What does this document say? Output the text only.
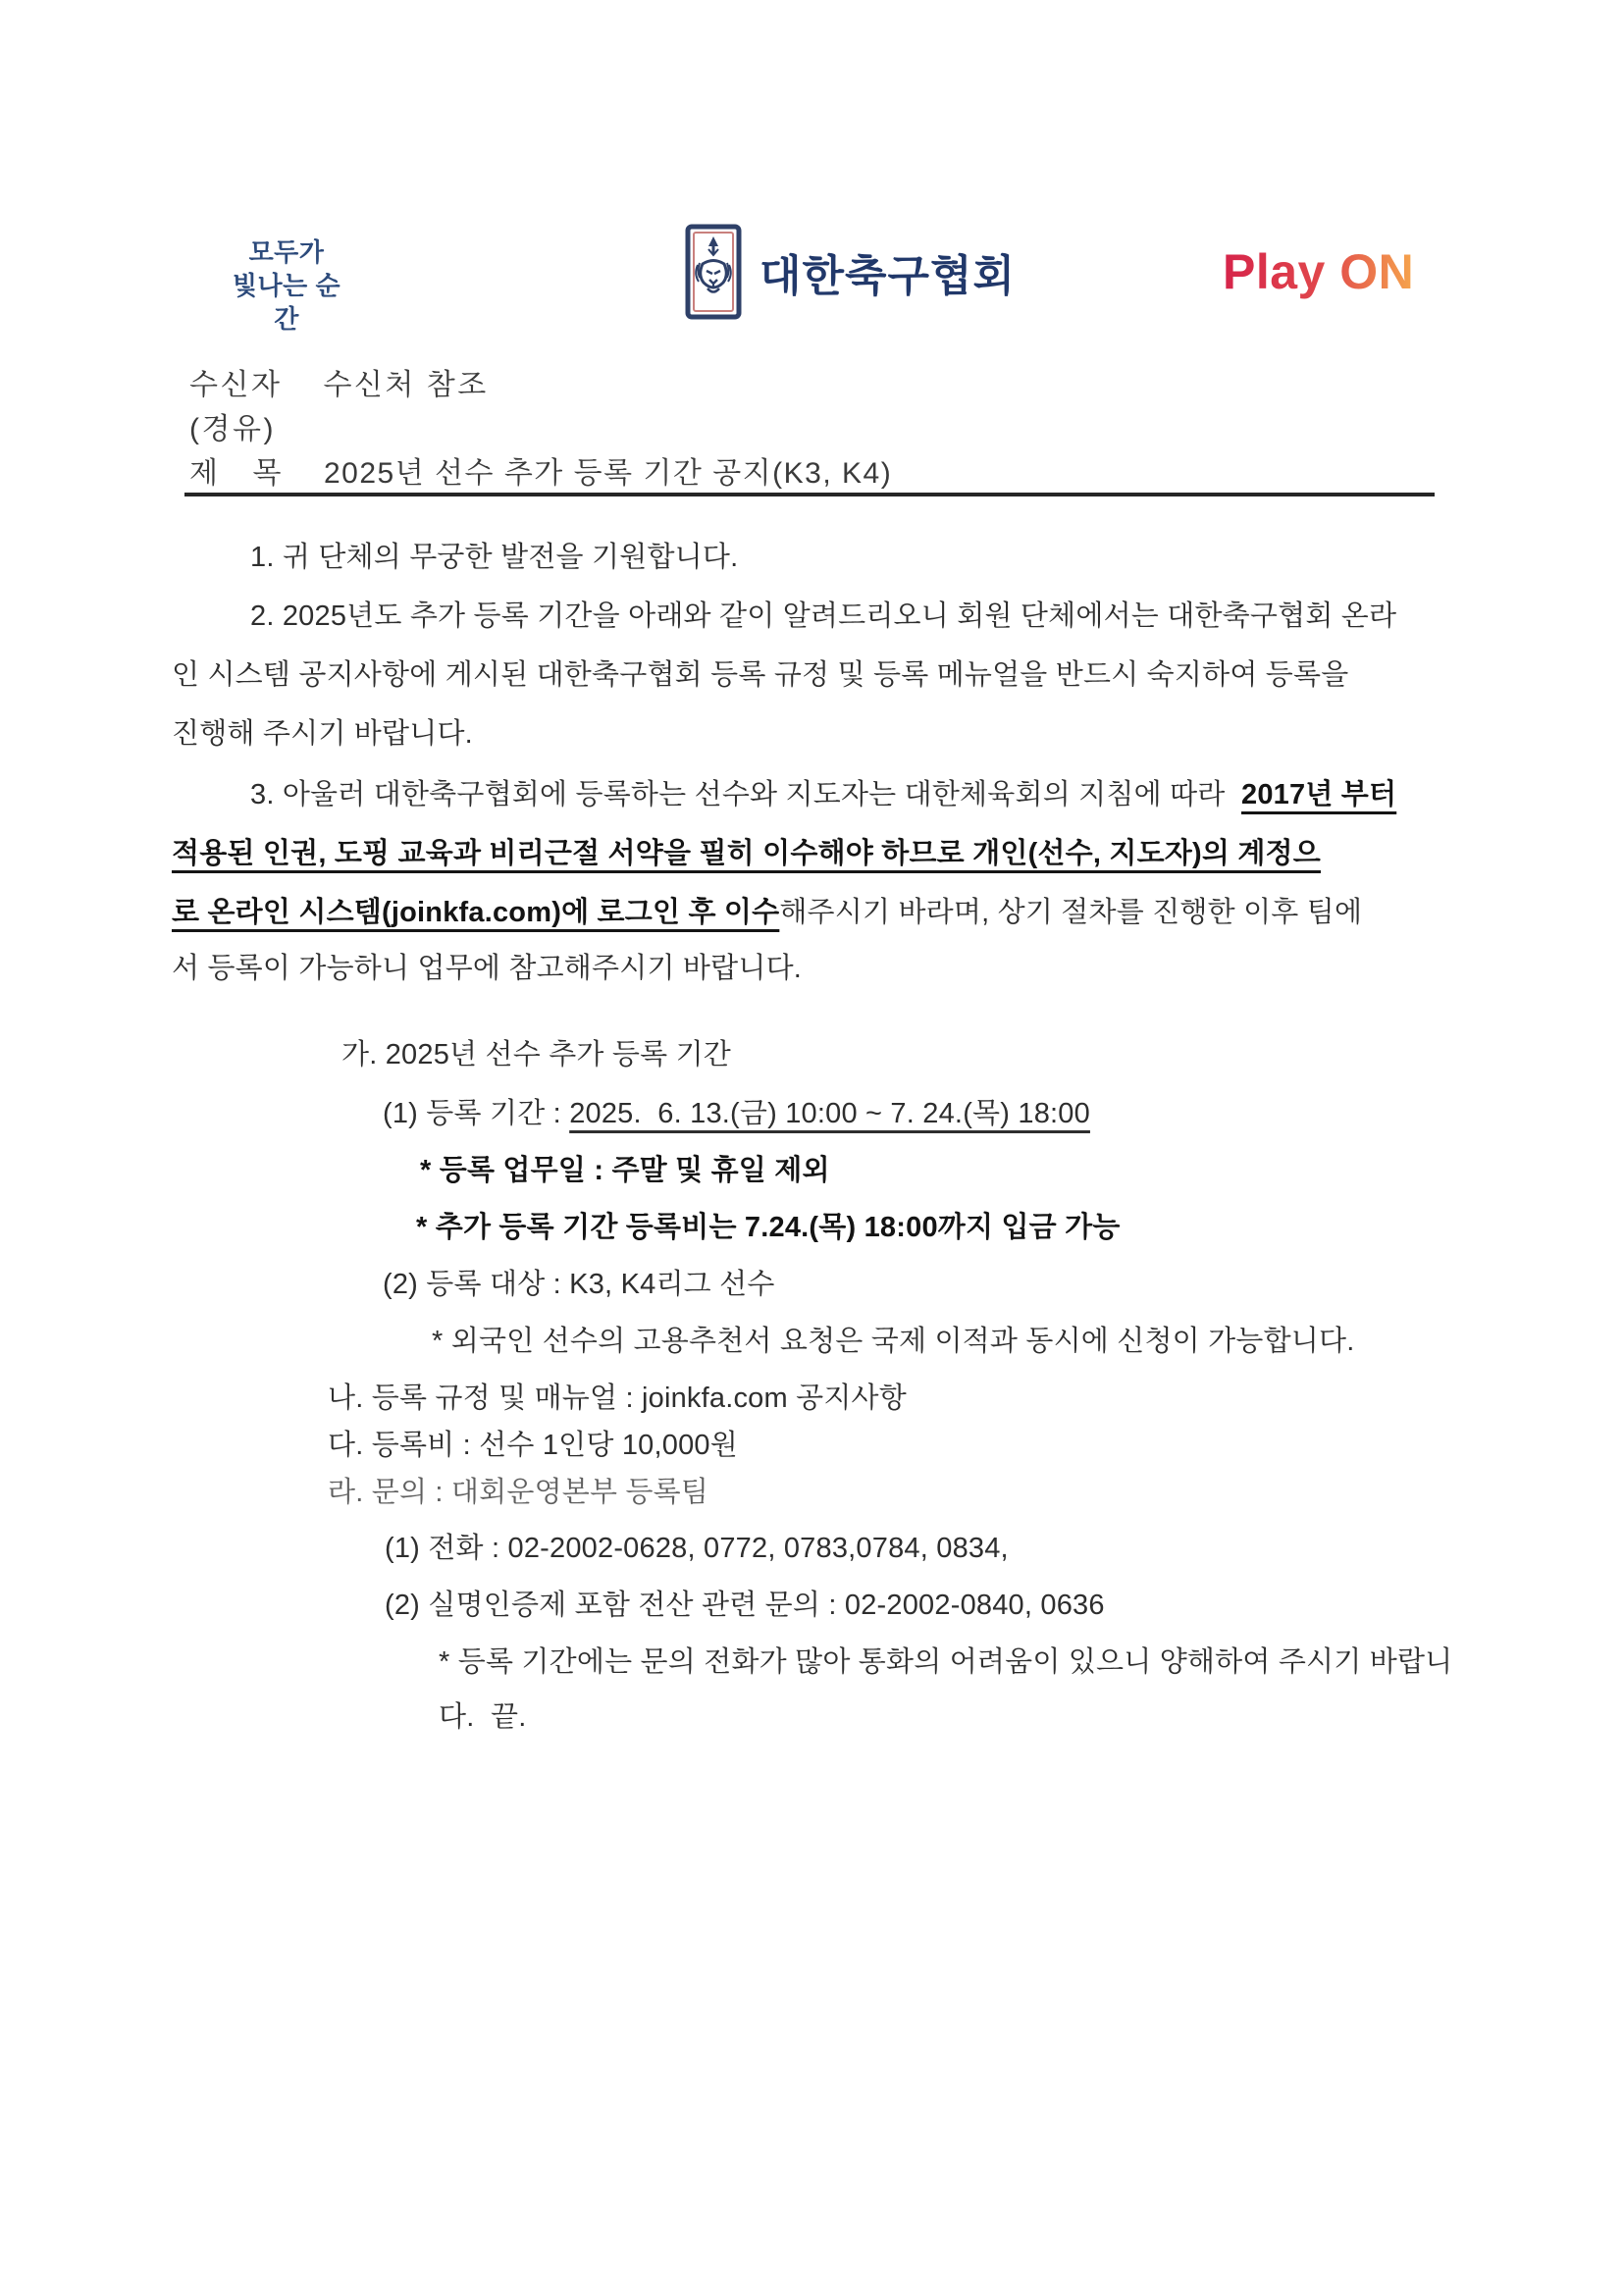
모두가
빛나는 순간
대한축구협회	Play ON
수신자 수신처 참조
(경유)
제 목 2025년 선수 추가 등록 기간 공지(K3, K4)
1. 귀 단체의 무궁한 발전을 기원합니다.
2. 2025년도 추가 등록 기간을 아래와 같이 알려드리오니 회원 단체에서는 대한축구협회 온라
인 시스템 공지사항에 게시된 대한축구협회 등록 규정 및 등록 메뉴얼을 반드시 숙지하여 등록을
진행해 주시기 바랍니다.
3. 아울러 대한축구협회에 등록하는 선수와 지도자는 대한체육회의 지침에 따라  2017년 부터
적용된 인권, 도핑 교육과 비리근절 서약을 필히 이수해야 하므로 개인(선수, 지도자)의 계정으
로 온라인 시스템(joinkfa.com)에 로그인 후 이수해주시기 바라며, 상기 절차를 진행한 이후 팀에
서 등록이 가능하니 업무에 참고해주시기 바랍니다.
가. 2025년 선수 추가 등록 기간
(1) 등록 기간 : 2025.  6. 13.(금) 10:00 ~ 7. 24.(목) 18:00
* 등록 업무일 : 주말 및 휴일 제외
* 추가 등록 기간 등록비는 7.24.(목) 18:00까지 입금 가능
(2) 등록 대상 : K3, K4리그 선수
* 외국인 선수의 고용추천서 요청은 국제 이적과 동시에 신청이 가능합니다.
나. 등록 규정 및 매뉴얼 : joinkfa.com 공지사항
다. 등록비 : 선수 1인당 10,000원
라. 문의 : 대회운영본부 등록팀
(1) 전화 : 02-2002-0628, 0772, 0783,0784, 0834,
(2) 실명인증제 포함 전산 관련 문의 : 02-2002-0840, 0636
* 등록 기간에는 문의 전화가 많아 통화의 어려움이 있으니 양해하여 주시기 바랍니
다.  끝.
